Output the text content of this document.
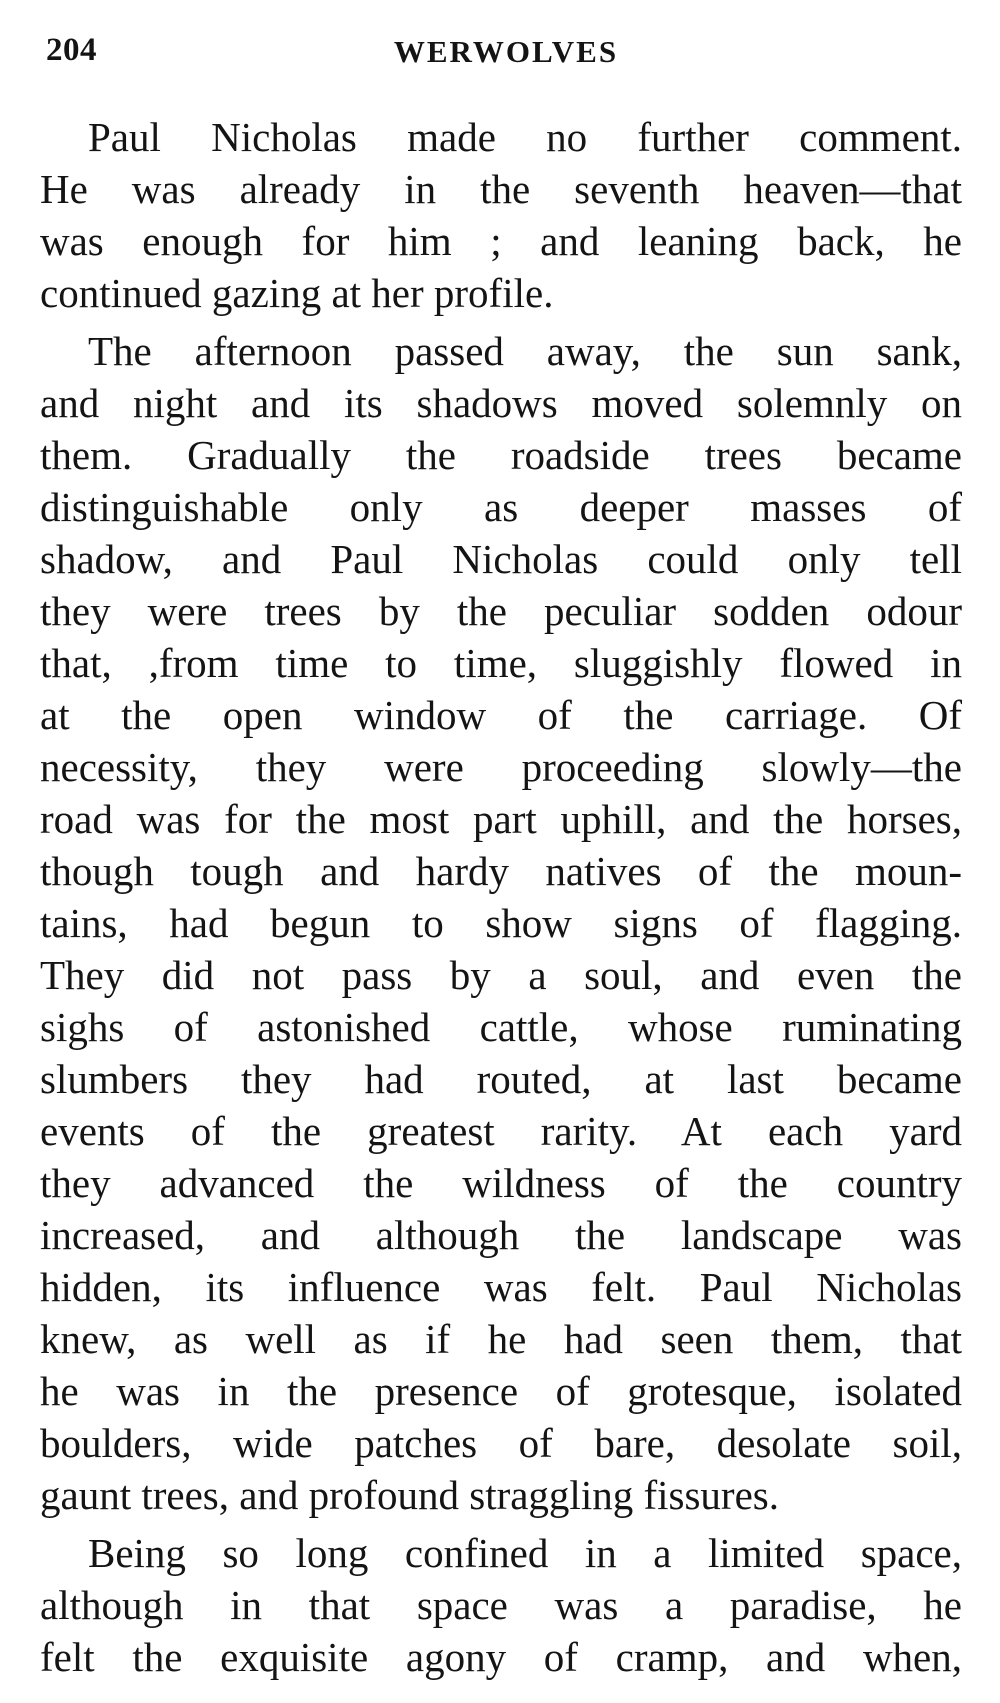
204	WERWOLVES
Paul Nicholas made no further comment.
He was already in the seventh heaven—that
was enough for him ; and leaning back, he
continued gazing at her profile.
The afternoon passed away, the sun sank,
and night and its shadows moved solemnly on
them. Gradually the roadside trees became
distinguishable only as deeper masses of
shadow, and Paul Nicholas could only tell
they were trees by the peculiar sodden odour
that, ,from time to time, sluggishly flowed in
at the open window of the carriage. Of
necessity, they were proceeding slowly—the
road was for the most part uphill, and the horses,
though tough and hardy natives of the moun-
tains, had begun to show signs of flagging.
They did not pass by a soul, and even the
sighs of astonished cattle, whose ruminating
slumbers they had routed, at last became
events of the greatest rarity. At each yard
they advanced the wildness of the country
increased, and although the landscape was
hidden, its influence was felt. Paul Nicholas
knew, as well as if he had seen them, that
he was in the presence of grotesque, isolated
boulders, wide patches of bare, desolate soil,
gaunt trees, and profound straggling fissures.
Being so long confined in a limited space,
although in that space was a paradise, he
felt the exquisite agony of cramp, and when,
